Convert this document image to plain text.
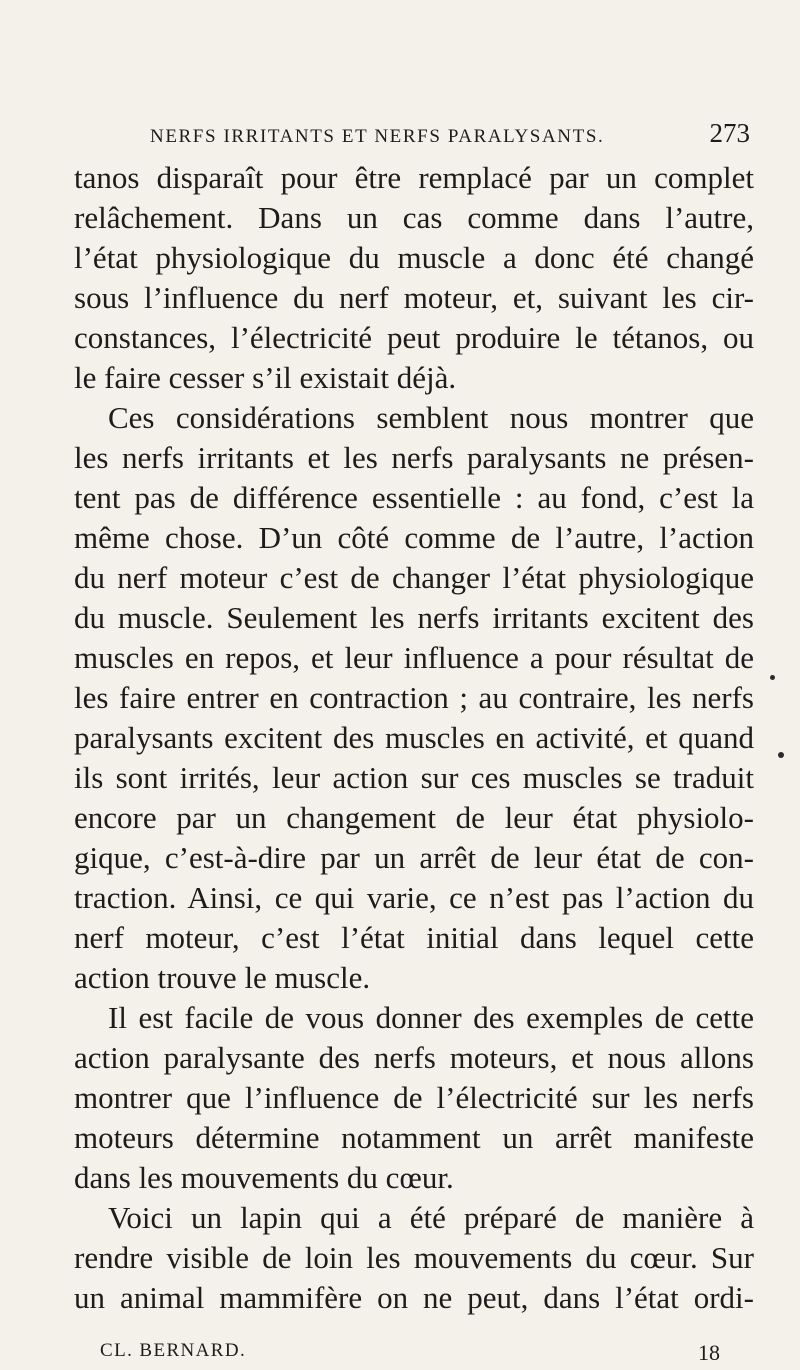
NERFS IRRITANTS ET NERFS PARALYSANTS.	273
tanos disparaît pour être remplacé par un complet
relâchement. Dans un cas comme dans l’autre,
l’état physiologique du muscle a donc été changé
sous l’influence du nerf moteur, et, suivant les cir-
constances, l’électricité peut produire le tétanos, ou
le faire cesser s’il existait déjà.
Ces considérations semblent nous montrer que
les nerfs irritants et les nerfs paralysants ne présen-
tent pas de différence essentielle : au fond, c’est la
même chose. D’un côté comme de l’autre, l’action
du nerf moteur c’est de changer l’état physiologique
du muscle. Seulement les nerfs irritants excitent des
muscles en repos, et leur influence a pour résultat de
les faire entrer en contraction ; au contraire, les nerfs
paralysants excitent des muscles en activité, et quand
ils sont irrités, leur action sur ces muscles se traduit
encore par un changement de leur état physiolo-
gique, c’est-à-dire par un arrêt de leur état de con-
traction. Ainsi, ce qui varie, ce n’est pas l’action du
nerf moteur, c’est l’état initial dans lequel cette
action trouve le muscle.
Il est facile de vous donner des exemples de cette
action paralysante des nerfs moteurs, et nous allons
montrer que l’influence de l’électricité sur les nerfs
moteurs détermine notamment un arrêt manifeste
dans les mouvements du cœur.
Voici un lapin qui a été préparé de manière à
rendre visible de loin les mouvements du cœur. Sur
un animal mammifère on ne peut, dans l’état ordi-
CL. BERNARD.	18
